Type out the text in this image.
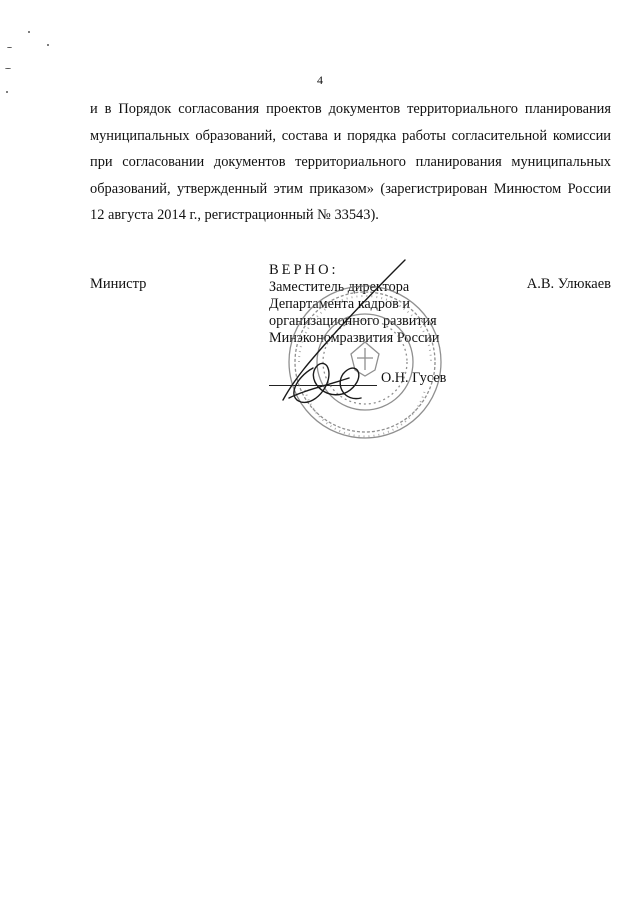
4

и в Порядок согласования проектов документов территориального планирования муниципальных образований, состава и порядка работы согласительной комиссии при согласовании документов территориального планирования муниципальных образований, утвержденный этим приказом» (зарегистрирован Минюстом России 12 августа 2014 г., регистрационный № 33543).

Министр	А.В. Улюкаев
ВЕРНО:
Заместитель директора
Департамента кадров и
организационного развития
Минэкономразвития России
О.Н. Гусев
